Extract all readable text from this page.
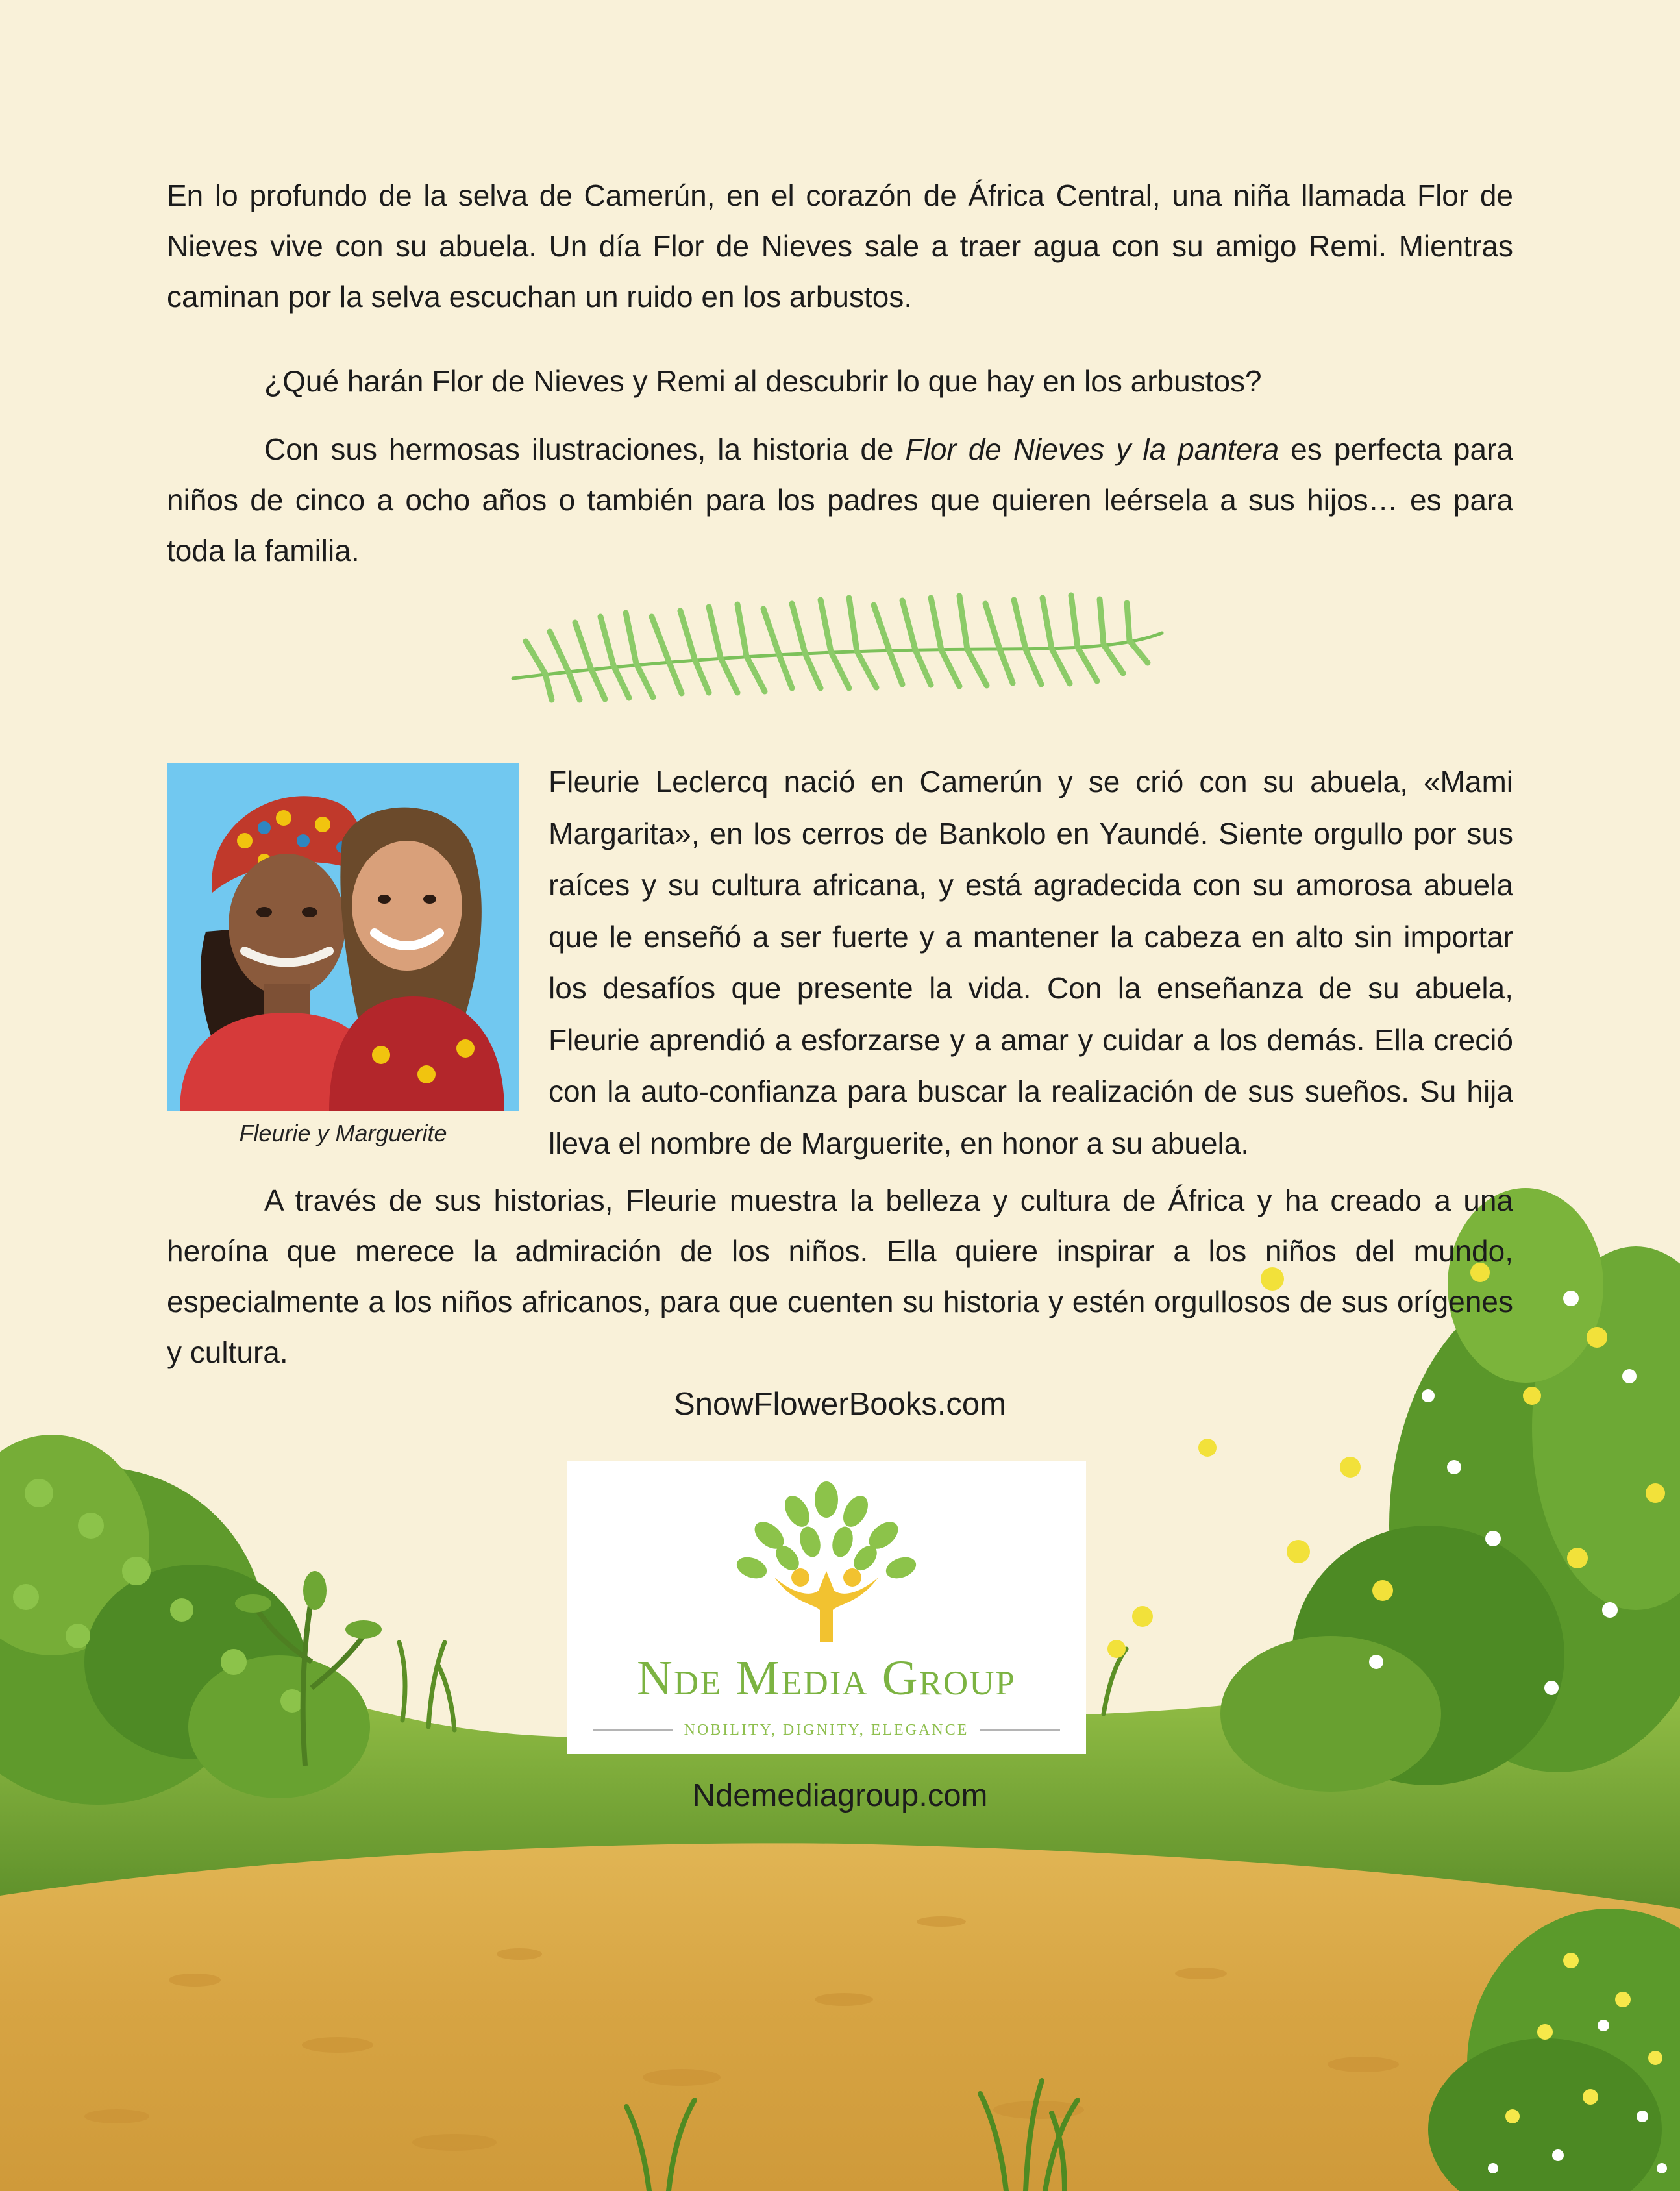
En lo profundo de la selva de Camerún, en el corazón de África Central, una niña llamada Flor de Nieves vive con su abuela. Un día Flor de Nieves sale a traer agua con su amigo Remi. Mientras caminan por la selva escuchan un ruido en los arbustos.

¿Qué harán Flor de Nieves y Remi al descubrir lo que hay en los arbustos?

Con sus hermosas ilustraciones, la historia de Flor de Nieves y la pantera es perfecta para niños de cinco a ocho años o también para los padres que quieren leérsela a sus hijos… es para toda la familia.

Fleurie y Marguerite

Fleurie Leclercq nació en Camerún y se crió con su abuela, «Mami Margarita», en los cerros de Bankolo en Yaundé. Siente orgullo por sus raíces y su cultura africana, y está agradecida con su amorosa abuela que le enseñó a ser fuerte y a mantener la cabeza en alto sin importar los desafíos que presente la vida. Con la enseñanza de su abuela, Fleurie aprendió a esforzarse y a amar y cuidar a los demás. Ella creció con la auto-confianza para buscar la realización de sus sueños. Su hija lleva el nombre de Marguerite, en honor a su abuela.

A través de sus historias, Fleurie muestra la belleza y cultura de África y ha creado a una heroína que merece la admiración de los niños. Ella quiere inspirar a los niños del mundo, especialmente a los niños africanos, para que cuenten su historia y estén orgullosos de sus orígenes y cultura.

SnowFlowerBooks.com
Nde Media Group
NOBILITY, DIGNITY, ELEGANCE
Ndemediagroup.com
